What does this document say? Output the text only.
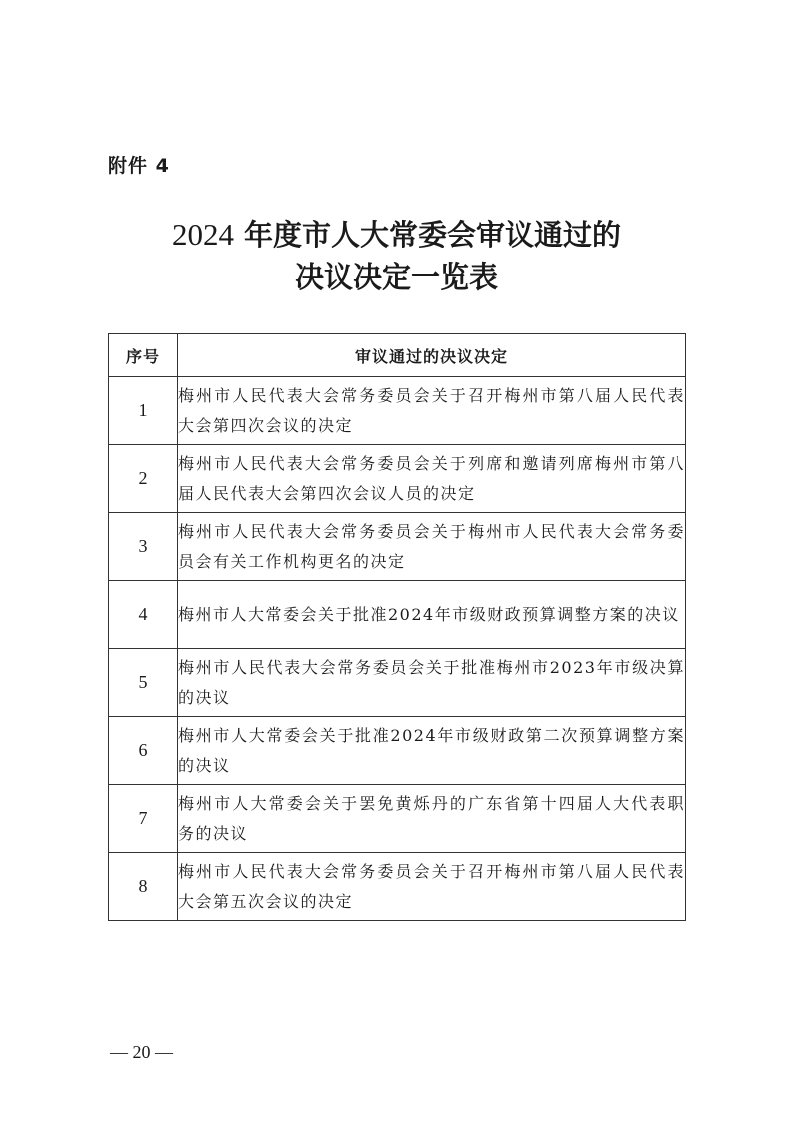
附件 4
2024 年度市人大常委会审议通过的
决议决定一览表
序号	审议通过的决议决定
1	梅州市人民代表大会常务委员会关于召开梅州市第八届人民代表大会第四次会议的决定
2	梅州市人民代表大会常务委员会关于列席和邀请列席梅州市第八届人民代表大会第四次会议人员的决定
3	梅州市人民代表大会常务委员会关于梅州市人民代表大会常务委员会有关工作机构更名的决定
4	梅州市人大常委会关于批准2024年市级财政预算调整方案的决议
5	梅州市人民代表大会常务委员会关于批准梅州市2023年市级决算的决议
6	梅州市人大常委会关于批准2024年市级财政第二次预算调整方案的决议
7	梅州市人大常委会关于罢免黄烁丹的广东省第十四届人大代表职务的决议
8	梅州市人民代表大会常务委员会关于召开梅州市第八届人民代表大会第五次会议的决定
— 20 —
